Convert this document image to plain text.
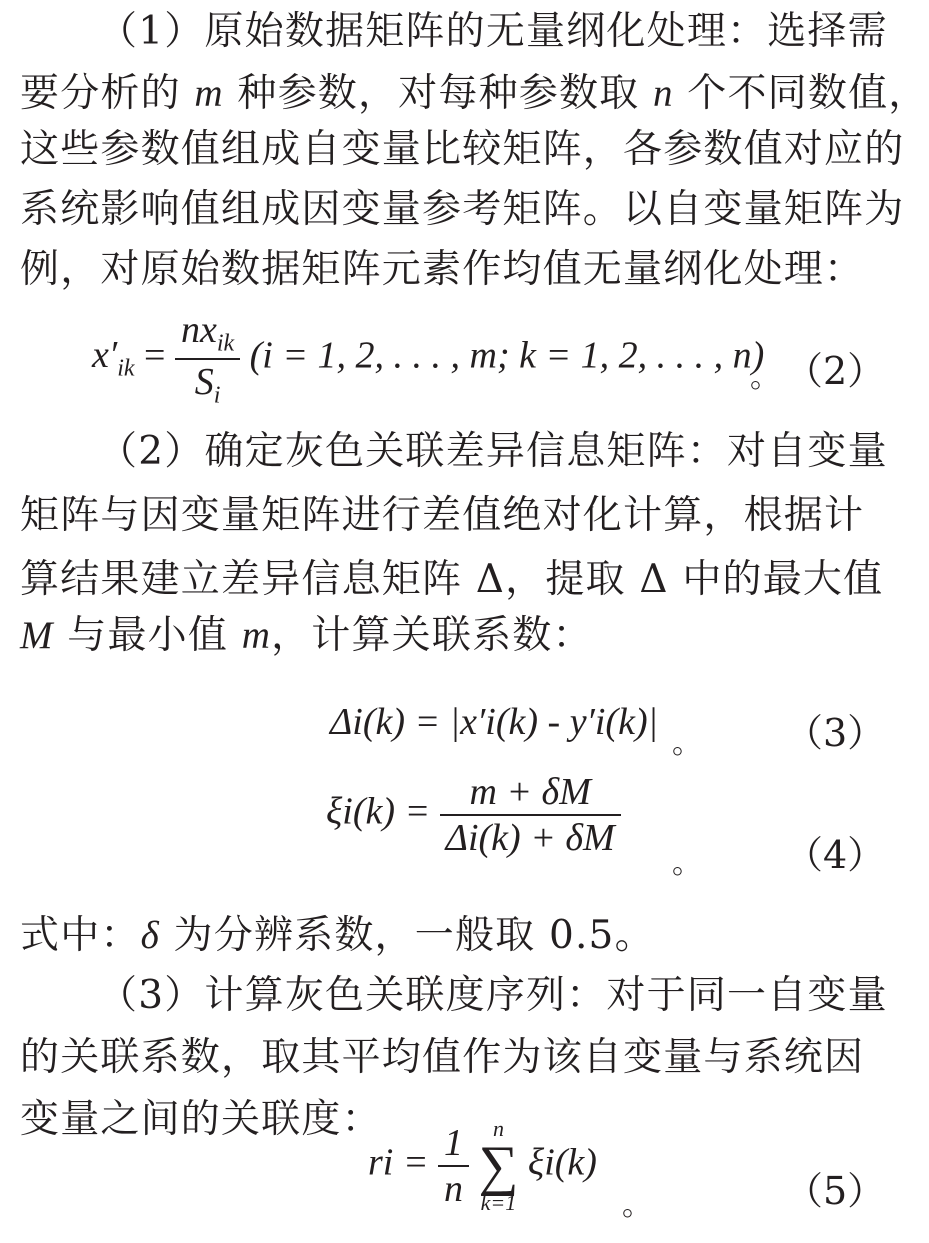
（1）原始数据矩阵的无量纲化处理：选择需
要分析的 m 种参数，对每种参数取 n 个不同数值，
这些参数值组成自变量比较矩阵，各参数值对应的
系统影响值组成因变量参考矩阵。以自变量矩阵为
例，对原始数据矩阵元素作均值无量纲化处理：
$x'_{ik} = \frac{nx_{ik}}{S_i} (i = 1$, 2, . . . , m; k = 1, 2, . . . , n)
。 （2）
（2）确定灰色关联差异信息矩阵：对自变量
矩阵与因变量矩阵进行差值绝对化计算，根据计
算结果建立差异信息矩阵 Δ，提取 Δ 中的最大值
M 与最小值 m，计算关联系数：
Δi(k) = |x′i(k) - y′i(k)|
。 （3）
$\xi i(k) = \frac{m + \delta M}{\Delta i(k) + \delta M}$
。 （4）
式中：δ 为分辨系数，一般取 0.5。
（3）计算灰色关联度序列：对于同一自变量
的关联系数，取其平均值作为该自变量与系统因
变量之间的关联度：
ri = $\frac{1}{n}$
	n
∑
k=1
ξi(k)
。	（5）
